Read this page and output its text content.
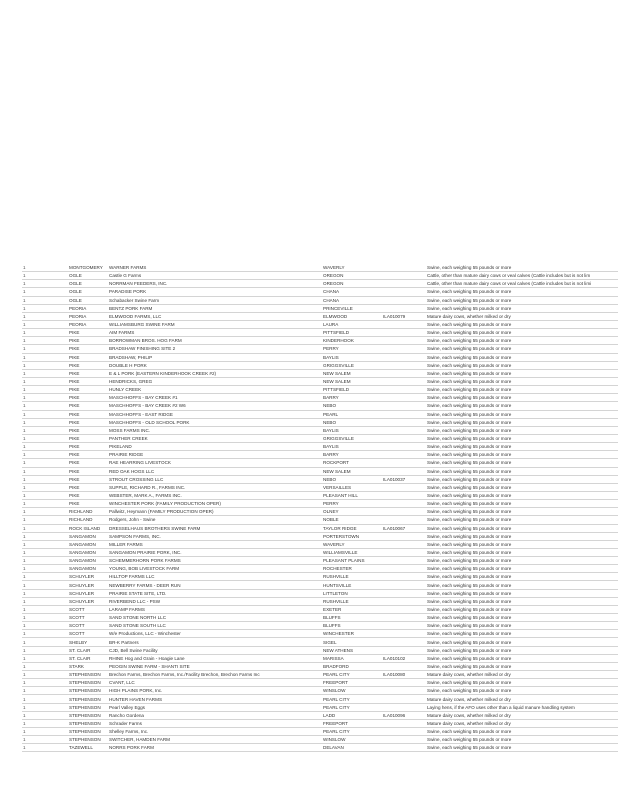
1	MONTGOMERY	WARNER FARMS	WAVERLY		Swine, each weighing 55 pounds or more
1	OGLE	Castle G Farms	OREGON		Cattle, other than mature dairy cows or veal calves (Cattle includes but is not lim
1	OGLE	NORRMAN FEEDERS, INC.	OREGON		Cattle, other than mature dairy cows or veal calves (Cattle includes but is not limi
1	OGLE	PARADISE PORK	CHANA		Swine, each weighing 55 pounds or more
1	OGLE	Schabacker Swine Farm	CHANA		Swine, each weighing 55 pounds or more
1	PEORIA	BENTZ PORK FARM	PRINCEVILLE		Swine, each weighing 55 pounds or more
1	PEORIA	ELMWOOD FARMS, LLC	ELMWOOD	ILA010079	Mature dairy cows, whether milked or dry
1	PEORIA	WILLIAMSBURG SWINE FARM	LAURA		Swine, each weighing 55 pounds or more
1	PIKE	AIM FARMS	PITTSFIELD		Swine, each weighing 55 pounds or more
1	PIKE	BORROWMAN BROS. HOG FARM	KINDERHOOK		Swine, each weighing 55 pounds or more
1	PIKE	BRADSHAW FINISHING SITE 2	PERRY		Swine, each weighing 55 pounds or more
1	PIKE	BRADSHAW, PHILIP	BAYLIS		Swine, each weighing 55 pounds or more
1	PIKE	DOUBLE H PORK	GRIGGSVILLE		Swine, each weighing 55 pounds or more
1	PIKE	E & L PORK (EASTERN KINDERHOOK CREEK #2)	NEW SALEM		Swine, each weighing 55 pounds or more
1	PIKE	HENDRICKS, GREG	NEW SALEM		Swine, each weighing 55 pounds or more
1	PIKE	HUNLY CREEK	PITTSFIELD		Swine, each weighing 55 pounds or more
1	PIKE	MASCHHOFFS - BAY CREEK #1	BARRY		Swine, each weighing 55 pounds or more
1	PIKE	MASCHHOFFS - BAY CREEK #2 W6	NEBO		Swine, each weighing 55 pounds or more
1	PIKE	MASCHHOFFS - EAST RIDGE	PEARL		Swine, each weighing 55 pounds or more
1	PIKE	MASCHHOFFS - OLD SCHOOL PORK	NEBO		Swine, each weighing 55 pounds or more
1	PIKE	MOSS FARMS INC.	BAYLIS		Swine, each weighing 55 pounds or more
1	PIKE	PANTHER CREEK	GRIGGSVILLE		Swine, each weighing 55 pounds or more
1	PIKE	PIKELAND	BAYLIS		Swine, each weighing 55 pounds or more
1	PIKE	PRAIRIE RIDGE	BARRY		Swine, each weighing 55 pounds or more
1	PIKE	RAE HEARRING LIVESTOCK	ROCKPORT		Swine, each weighing 55 pounds or more
1	PIKE	RED OAK HOGS LLC	NEW SALEM		Swine, each weighing 55 pounds or more
1	PIKE	STROUT CROSSING LLC	NEBO	ILA010037	Swine, each weighing 55 pounds or more
1	PIKE	SUPPLE, RICHARD R., FARMS INC.	VERSAILLES		Swine, each weighing 55 pounds or more
1	PIKE	WEBSTER, MARK A., FARMS INC.	PLEASANT HILL		Swine, each weighing 55 pounds or more
1	PIKE	WINCHESTER PORK (FAMILY PRODUCTION OPER)	PERRY		Swine, each weighing 55 pounds or more
1	RICHLAND	Pallwitz, Heymann (FAMILY PRODUCTION OPER)	OLNEY		Swine, each weighing 55 pounds or more
1	RICHLAND	Rodgers, John - Swine	NOBLE		Swine, each weighing 55 pounds or more
1	ROCK ISLAND	DRESSELHAUS BROTHERS SWINE FARM	TAYLOR RIDGE	ILA010067	Swine, each weighing 55 pounds or more
1	SANGAMON	SAMPSON FARMS, INC.	PORTERSTOWN		Swine, each weighing 55 pounds or more
1	SANGAMON	MILLER FARMS	WAVERLY		Swine, each weighing 55 pounds or more
1	SANGAMON	SANGAMON PRAIRIE PORK, INC.	WILLIAMSVILLE		Swine, each weighing 55 pounds or more
1	SANGAMON	SCHEMMERHORN PORK FARMS	PLEASANT PLAINS		Swine, each weighing 55 pounds or more
1	SANGAMON	YOUNG, BOB LIVESTOCK FARM	ROCHESTER		Swine, each weighing 55 pounds or more
1	SCHUYLER	HILLTOP FARMS LLC	RUSHVILLE		Swine, each weighing 55 pounds or more
1	SCHUYLER	NEWBERRY FARMS - DEER RUN	HUNTSVILLE		Swine, each weighing 55 pounds or more
1	SCHUYLER	PRAIRIE STATE SITE, LTD.	LITTLETON		Swine, each weighing 55 pounds or more
1	SCHUYLER	RIVERBEND LLC - PSW	RUSHVILLE		Swine, each weighing 55 pounds or more
1	SCOTT	LARAMP FARMS	EXETER		Swine, each weighing 55 pounds or more
1	SCOTT	SAND STONE NORTH LLC	BLUFFS		Swine, each weighing 55 pounds or more
1	SCOTT	SAND STONE SOUTH LLC	BLUFFS		Swine, each weighing 55 pounds or more
1	SCOTT	W/e Productions, LLC - Winchester	WINCHESTER		Swine, each weighing 55 pounds or more
1	SHELBY	BR-K Partners	SIGEL		Swine, each weighing 55 pounds or more
1	ST. CLAIR	CJD, Bell Swine Facility	NEW ATHENS		Swine, each weighing 55 pounds or more
1	ST. CLAIR	RHINE Hog and Grain - Hoagie Lane	MARISSA	ILA010102	Swine, each weighing 55 pounds or more
1	STARK	PEOGIN SWINE FARM - SHANTI SITE	BRADFORD		Swine, each weighing 55 pounds or more
1	STEPHENSON	Brechon Farms, Brechon Farms, Inc./Facility Brechon, Brechon Farms Inc	PEARL CITY	ILA010080	Mature dairy cows, whether milked or dry
1	STEPHENSON	CVANT, LLC	FREEPORT		Swine, each weighing 55 pounds or more
1	STEPHENSON	HIGH PLAINS PORK, Inc.	WINSLOW		Swine, each weighing 55 pounds or more
1	STEPHENSON	HUNTER HAVEN FARMS	PEARL CITY		Mature dairy cows, whether milked or dry
1	STEPHENSON	Pearl Valley Eggs	PEARL CITY		Laying hens, if the AFO uses other than a liquid manure handling system
1	STEPHENSON	Rancho Gordena	LADD	ILA010096	Mature dairy cows, whether milked or dry
1	STEPHENSON	Schrader Farms	FREEPORT		Mature dairy cows, whether milked or dry
1	STEPHENSON	Shelley Farms, Inc.	PEARL CITY		Swine, each weighing 55 pounds or more
1	STEPHENSON	SWITCHER, HAMDEN FARM	WINSLOW		Swine, each weighing 55 pounds or more
1	TAZEWELL	NORRS PORK FARM	DELAVAN		Swine, each weighing 55 pounds or more
